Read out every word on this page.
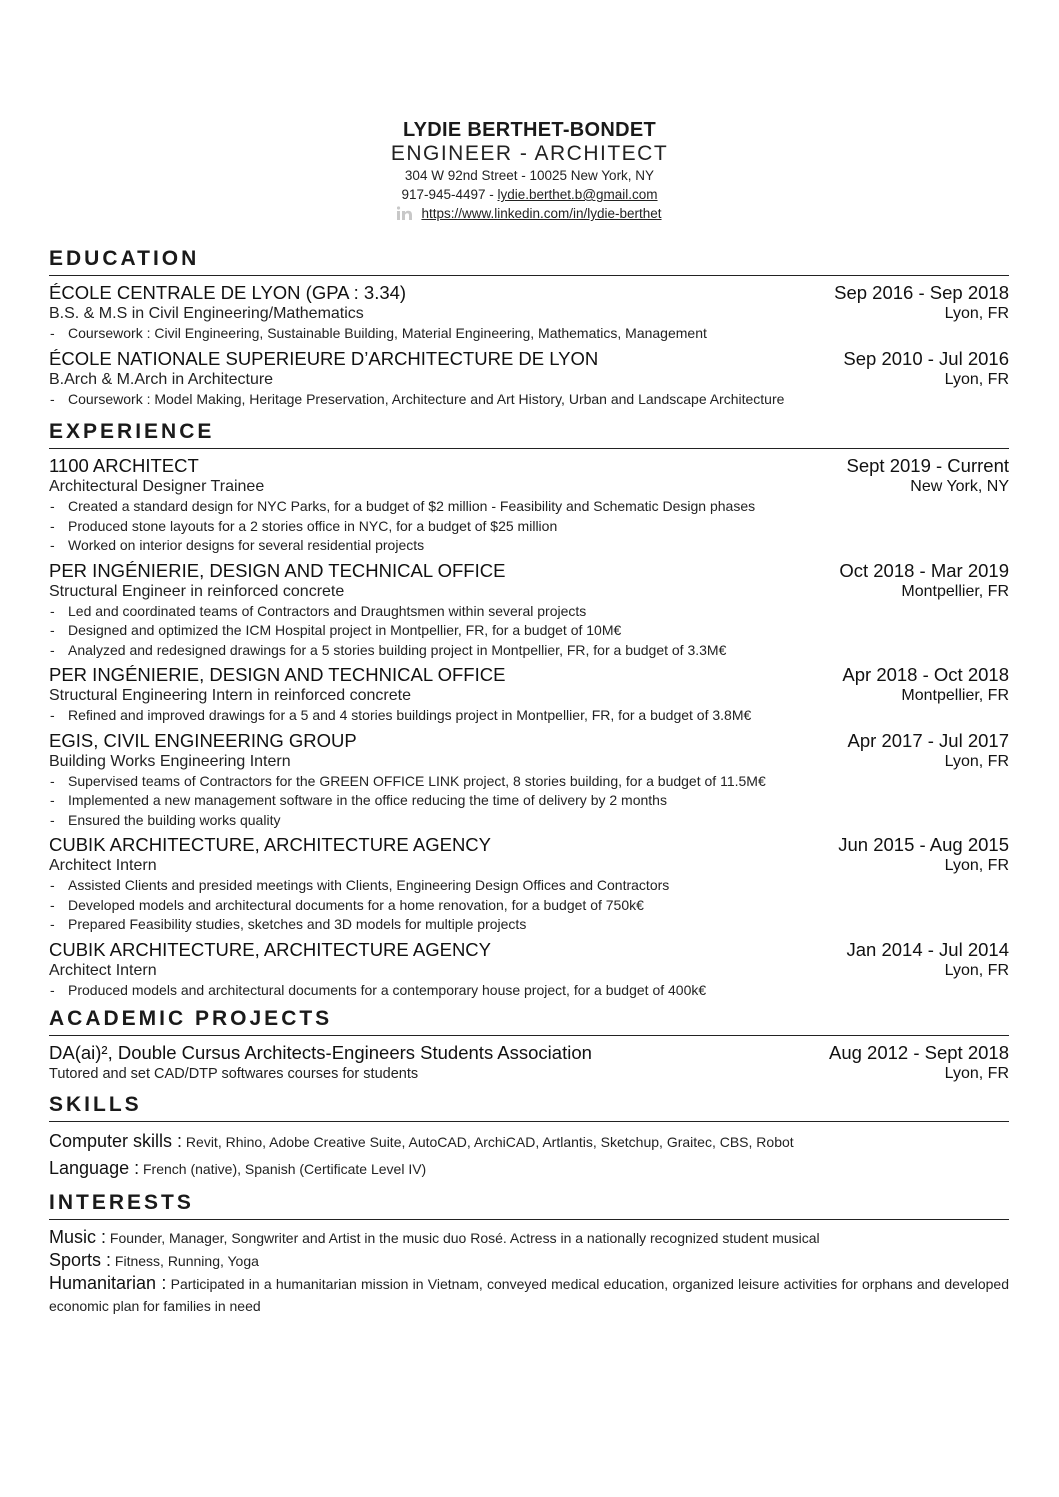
LYDIE BERTHET-BONDET
ENGINEER - ARCHITECT
304 W 92nd Street - 10025 New York, NY
917-945-4497 - lydie.berthet.b@gmail.com
https://www.linkedin.com/in/lydie-berthet
EDUCATION
ÉCOLE CENTRALE DE LYON (GPA : 3.34)	Sep 2016 - Sep 2018
B.S. & M.S in Civil Engineering/Mathematics	Lyon, FR
- Coursework : Civil Engineering, Sustainable Building, Material Engineering, Mathematics, Management
ÉCOLE NATIONALE SUPERIEURE D’ARCHITECTURE DE LYON	Sep 2010 - Jul 2016
B.Arch & M.Arch in Architecture	Lyon, FR
- Coursework : Model Making, Heritage Preservation, Architecture and Art History, Urban and Landscape Architecture
EXPERIENCE
1100 ARCHITECT	Sept 2019 - Current
Architectural Designer Trainee	New York, NY
- Created a standard design for NYC Parks, for a budget of $2 million - Feasibility and Schematic Design phases
- Produced stone layouts for a 2 stories office in NYC, for a budget of $25 million
- Worked on interior designs for several residential projects
PER INGÉNIERIE, DESIGN AND TECHNICAL OFFICE	Oct 2018 - Mar 2019
Structural Engineer in reinforced concrete	Montpellier, FR
- Led and coordinated teams of Contractors and Draughtsmen within several projects
- Designed and optimized the ICM Hospital project in Montpellier, FR, for a budget of 10M€
- Analyzed and redesigned drawings for a 5 stories building project in Montpellier, FR, for a budget of 3.3M€
PER INGÉNIERIE, DESIGN AND TECHNICAL OFFICE	Apr 2018 - Oct 2018
Structural Engineering Intern in reinforced concrete	Montpellier, FR
- Refined and improved drawings for a 5 and 4 stories buildings project in Montpellier, FR, for a budget of 3.8M€
EGIS, CIVIL ENGINEERING GROUP	Apr 2017 - Jul 2017
Building Works Engineering Intern	Lyon, FR
- Supervised teams of Contractors for the GREEN OFFICE LINK project, 8 stories building, for a budget of 11.5M€
- Implemented a new management software in the office reducing the time of delivery by 2 months
- Ensured the building works quality
CUBIK ARCHITECTURE, ARCHITECTURE AGENCY	Jun 2015 - Aug 2015
Architect Intern	Lyon, FR
- Assisted Clients and presided meetings with Clients, Engineering Design Offices and Contractors
- Developed models and architectural documents for a home renovation, for a budget of 750k€
- Prepared Feasibility studies, sketches and 3D models for multiple projects
CUBIK ARCHITECTURE, ARCHITECTURE AGENCY	Jan 2014 - Jul 2014
Architect Intern	Lyon, FR
- Produced models and architectural documents for a contemporary house project, for a budget of 400k€
ACADEMIC PROJECTS
DA(ai)², Double Cursus Architects-Engineers Students Association	Aug 2012 - Sept 2018
Tutored and set CAD/DTP softwares courses for students	Lyon, FR
SKILLS
Computer skills : Revit, Rhino, Adobe Creative Suite, AutoCAD, ArchiCAD, Artlantis, Sketchup, Graitec, CBS, Robot
Language : French (native), Spanish (Certificate Level IV)
INTERESTS
Music : Founder, Manager, Songwriter and Artist in the music duo Rosé. Actress in a nationally recognized student musical
Sports : Fitness, Running, Yoga
Humanitarian : Participated in a humanitarian mission in Vietnam, conveyed medical education, organized leisure activities for orphans and developed economic plan for families in need
